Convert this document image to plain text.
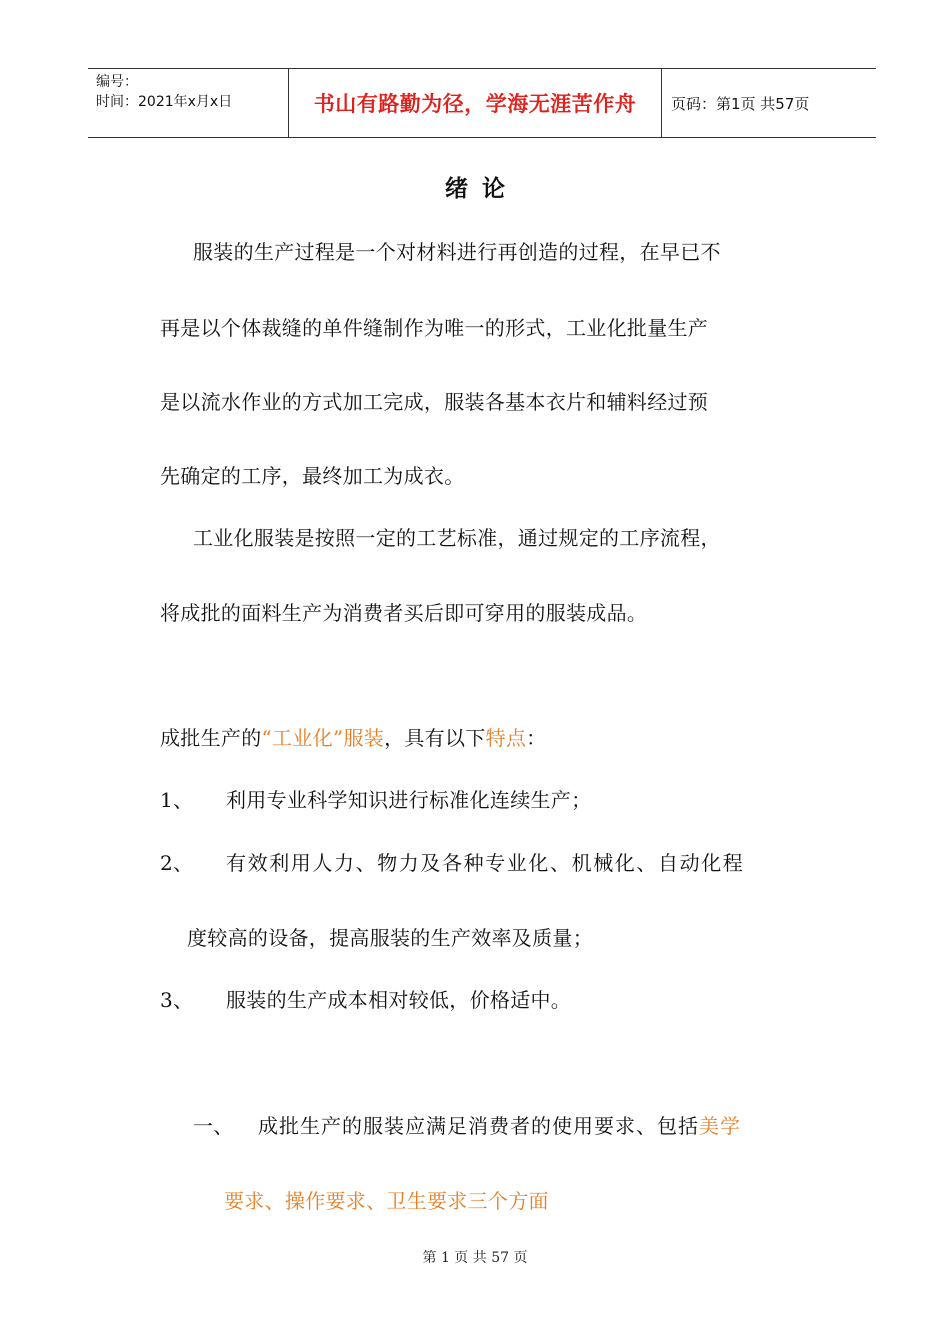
编号：
时间：2021年x月x日	书山有路勤为径，学海无涯苦作舟	页码：第1页 共57页
绪论
服装的生产过程是一个对材料进行再创造的过程，在早已不
再是以个体裁缝的单件缝制作为唯一的形式，工业化批量生产
是以流水作业的方式加工完成，服装各基本衣片和辅料经过预
先确定的工序，最终加工为成衣。
工业化服装是按照一定的工艺标准，通过规定的工序流程，
将成批的面料生产为消费者买后即可穿用的服装成品。
成批生产的“工业化”服装，具有以下特点：
1、 利用专业科学知识进行标准化连续生产；
2、 有效利用人力、物力及各种专业化、机械化、自动化程
度较高的设备，提高服装的生产效率及质量；
3、 服装的生产成本相对较低，价格适中。
一、 成批生产的服装应满足消费者的使用要求、包括美学
要求、操作要求、卫生要求三个方面
第 1 页 共 57 页
